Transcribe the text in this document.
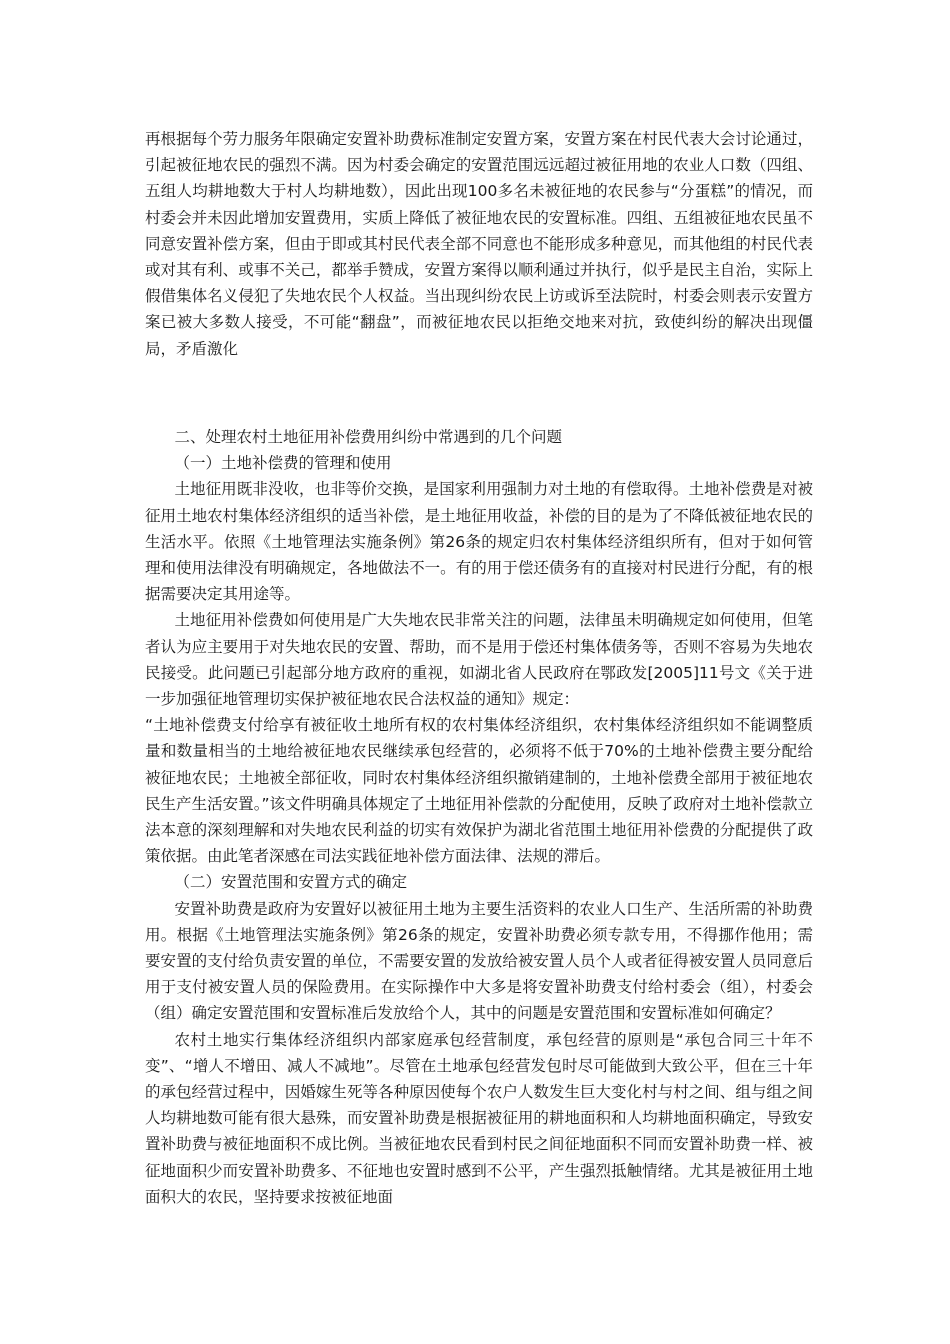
再根据每个劳力服务年限确定安置补助费标准制定安置方案，安置方案在村民代表大会讨论通过，引起被征地农民的强烈不满。因为村委会确定的安置范围远远超过被征用地的农业人口数（四组、五组人均耕地数大于村人均耕地数），因此出现100多名未被征地的农民参与“分蛋糕”的情况，而村委会并未因此增加安置费用，实质上降低了被征地农民的安置标准。四组、五组被征地农民虽不同意安置补偿方案，但由于即或其村民代表全部不同意也不能形成多种意见，而其他组的村民代表或对其有利、或事不关己，都举手赞成，安置方案得以顺利通过并执行，似乎是民主自治，实际上假借集体名义侵犯了失地农民个人权益。当出现纠纷农民上访或诉至法院时，村委会则表示安置方案已被大多数人接受，不可能“翻盘”，而被征地农民以拒绝交地来对抗，致使纠纷的解决出现僵局，矛盾激化

二、处理农村土地征用补偿费用纠纷中常遇到的几个问题

（一）土地补偿费的管理和使用

土地征用既非没收，也非等价交换，是国家利用强制力对土地的有偿取得。土地补偿费是对被征用土地农村集体经济组织的适当补偿，是土地征用收益，补偿的目的是为了不降低被征地农民的生活水平。依照《土地管理法实施条例》第26条的规定归农村集体经济组织所有，但对于如何管理和使用法律没有明确规定，各地做法不一。有的用于偿还债务有的直接对村民进行分配，有的根据需要决定其用途等。

土地征用补偿费如何使用是广大失地农民非常关注的问题，法律虽未明确规定如何使用，但笔者认为应主要用于对失地农民的安置、帮助，而不是用于偿还村集体债务等，否则不容易为失地农民接受。此问题已引起部分地方政府的重视，如湖北省人民政府在鄂政发[2005]11号文《关于进一步加强征地管理切实保护被征地农民合法权益的通知》规定：

“土地补偿费支付给享有被征收土地所有权的农村集体经济组织，农村集体经济组织如不能调整质量和数量相当的土地给被征地农民继续承包经营的，必须将不低于70%的土地补偿费主要分配给被征地农民；土地被全部征收，同时农村集体经济组织撤销建制的，土地补偿费全部用于被征地农民生产生活安置。”该文件明确具体规定了土地征用补偿款的分配使用，反映了政府对土地补偿款立法本意的深刻理解和对失地农民利益的切实有效保护为湖北省范围土地征用补偿费的分配提供了政策依据。由此笔者深感在司法实践征地补偿方面法律、法规的滞后。

（二）安置范围和安置方式的确定

安置补助费是政府为安置好以被征用土地为主要生活资料的农业人口生产、生活所需的补助费用。根据《土地管理法实施条例》第26条的规定，安置补助费必须专款专用，不得挪作他用；需要安置的支付给负责安置的单位，不需要安置的发放给被安置人员个人或者征得被安置人员同意后用于支付被安置人员的保险费用。在实际操作中大多是将安置补助费支付给村委会（组），村委会（组）确定安置范围和安置标准后发放给个人，其中的问题是安置范围和安置标准如何确定？

农村土地实行集体经济组织内部家庭承包经营制度，承包经营的原则是“承包合同三十年不变”、“增人不增田、减人不减地”。尽管在土地承包经营发包时尽可能做到大致公平，但在三十年的承包经营过程中，因婚嫁生死等各种原因使每个农户人数发生巨大变化村与村之间、组与组之间人均耕地数可能有很大悬殊，而安置补助费是根据被征用的耕地面积和人均耕地面积确定，导致安置补助费与被征地面积不成比例。当被征地农民看到村民之间征地面积不同而安置补助费一样、被征地面积少而安置补助费多、不征地也安置时感到不公平，产生强烈抵触情绪。尤其是被征用土地面积大的农民，坚持要求按被征地面
